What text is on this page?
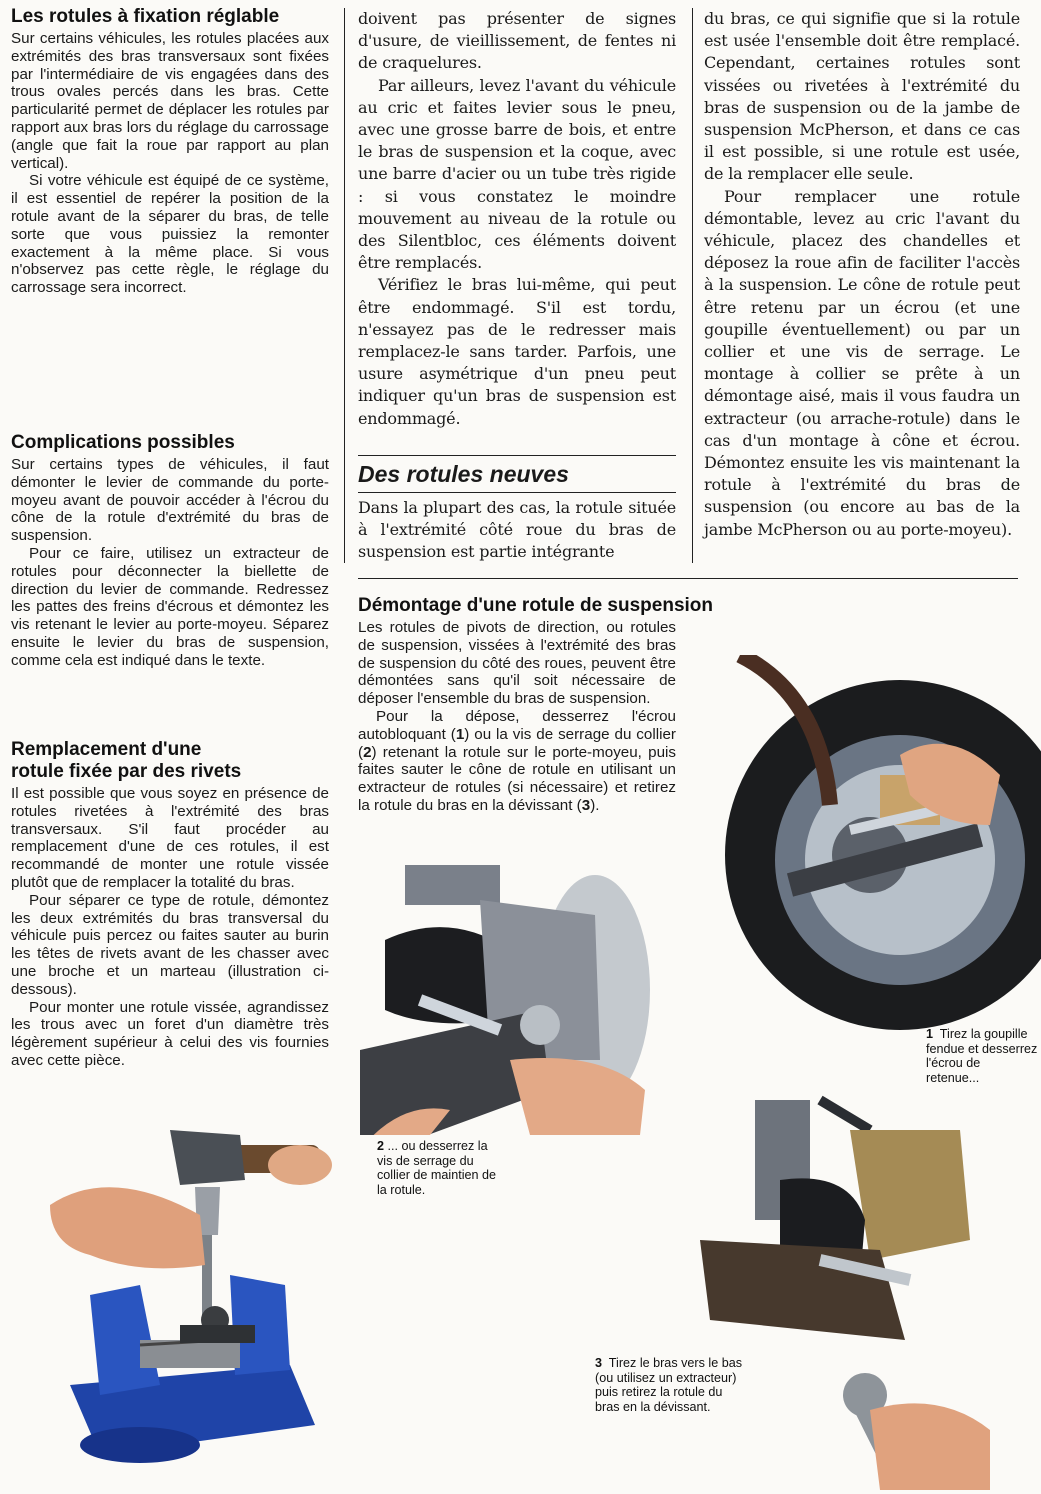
Les rotules à fixation réglable

Sur certains véhicules, les rotules placées aux extrémités des bras transversaux sont fixées par l'intermédiaire de vis engagées dans des trous ovales percés dans les bras. Cette particularité permet de déplacer les rotules par rapport aux bras lors du réglage du carrossage (angle que fait la roue par rapport au plan vertical).

Si votre véhicule est équipé de ce système, il est essentiel de repérer la position de la rotule avant de la séparer du bras, de telle sorte que vous puissiez la remonter exactement à la même place. Si vous n'observez pas cette règle, le réglage du carrossage sera incorrect.

Complications possibles

Sur certains types de véhicules, il faut démonter le levier de commande du porte-moyeu avant de pouvoir accéder à l'écrou du cône de la rotule d'extrémité du bras de suspension.

Pour ce faire, utilisez un extracteur de rotules pour déconnecter la biellette de direction du levier de commande. Redressez les pattes des freins d'écrous et démontez les vis retenant le levier au porte-moyeu. Séparez ensuite le levier du bras de suspension, comme cela est indiqué dans le texte.

Remplacement d'une
rotule fixée par des rivets

Il est possible que vous soyez en présence de rotules rivetées à l'extrémité des bras transversaux. S'il faut procéder au remplacement d'une de ces rotules, il est recommandé de monter une rotule vissée plutôt que de remplacer la totalité du bras.

Pour séparer ce type de rotule, démontez les deux extrémités du bras transversal du véhicule puis percez ou faites sauter au burin les têtes de rivets avant de les chasser avec une broche et un marteau (illustration ci-dessous).

Pour monter une rotule vissée, agrandissez les trous avec un foret d'un diamètre très légèrement supérieur à celui des vis fournies avec cette pièce.

doivent pas présenter de signes d'usure, de vieillissement, de fentes ni de craquelures.

Par ailleurs, levez l'avant du véhicule au cric et faites levier sous le pneu, avec une grosse barre de bois, et entre le bras de suspension et la coque, avec une barre d'acier ou un tube très rigide : si vous constatez le moindre mouvement au niveau de la rotule ou des Silentbloc, ces éléments doivent être remplacés.

Vérifiez le bras lui-même, qui peut être endommagé. S'il est tordu, n'essayez pas de le redresser mais remplacez-le sans tarder. Parfois, une usure asymétrique d'un pneu peut indiquer qu'un bras de suspension est endommagé.

Des rotules neuves

Dans la plupart des cas, la rotule située à l'extrémité côté roue du bras de suspension est partie intégrante

du bras, ce qui signifie que si la rotule est usée l'ensemble doit être remplacé. Cependant, certaines rotules sont vissées ou rivetées à l'extrémité du bras de suspension ou de la jambe de suspension McPherson, et dans ce cas il est possible, si une rotule est usée, de la remplacer elle seule.

Pour remplacer une rotule démontable, levez au cric l'avant du véhicule, placez des chandelles et déposez la roue afin de faciliter l'accès à la suspension. Le cône de rotule peut être retenu par un écrou (et une goupille éventuellement) ou par un collier et une vis de serrage. Le montage à collier se prête à un démontage aisé, mais il vous faudra un extracteur (ou arrache-rotule) dans le cas d'un montage à cône et écrou. Démontez ensuite les vis maintenant la rotule à l'extrémité du bras de suspension (ou encore au bas de la jambe McPherson ou au porte-moyeu).

Démontage d'une rotule de suspension

Les rotules de pivots de direction, ou rotules de suspension, vissées à l'extrémité des bras de suspension du côté des roues, peuvent être démontées sans qu'il soit nécessaire de déposer l'ensemble du bras de suspension.

Pour la dépose, desserrez l'écrou autobloquant (1) ou la vis de serrage du collier (2) retenant la rotule sur le porte-moyeu, puis faites sauter le cône de rotule en utilisant un extracteur de rotules (si nécessaire) et retirez la rotule du bras en la dévissant (3).

1 Tirez la goupille
fendue et desserrez
l'écrou de
retenue...
2 ... ou desserrez la
vis de serrage du
collier de maintien de
la rotule.
3 Tirez le bras vers le bas
(ou utilisez un extracteur)
puis retirez la rotule du
bras en la dévissant.
